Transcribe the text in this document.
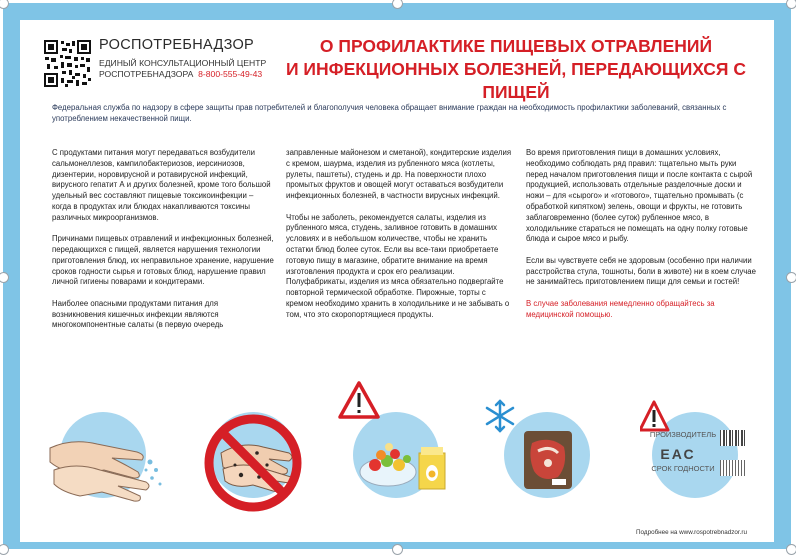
РОСПОТРЕБНАДЗОР
ЕДИНЫЙ КОНСУЛЬТАЦИОННЫЙ ЦЕНТР
РОСПОТРЕБНАДЗОРА 8-800-555-49-43
О ПРОФИЛАКТИКЕ ПИЩЕВЫХ ОТРАВЛЕНИЙ
И ИНФЕКЦИОННЫХ БОЛЕЗНЕЙ, ПЕРЕДАЮЩИХСЯ С ПИЩЕЙ
Федеральная служба по надзору в сфере защиты прав потребителей и благополучия человека обращает внимание граждан на необходимость профилактики заболеваний, связанных с употреблением некачественной пищи.

С продуктами питания могут передаваться возбудители сальмонеллезов, кампилобактериозов, иерсиниозов, дизентерии, норовирусной и ротавирусной инфекций, вирусного гепатит А и других болезней, кроме того большой удельный вес составляют пищевые токсикоинфекции – когда в продуктах или блюдах накапливаются токсины различных микроорганизмов.

Причинами пищевых отравлений и инфекционных болезней, передающихся с пищей, является нарушения технологии приготовления блюд, их неправильное хранение, нарушение сроков годности сырья и готовых блюд, нарушение правил личной гигиены поварами и кондитерами.

Наиболее опасными продуктами питания для возникновения кишечных инфекции являются многокомпонентные салаты (в первую очередь

заправленные майонезом и сметаной), кондитерские изделия с кремом, шаурма, изделия из рубленного мяса (котлеты, рулеты, паштеты), студень и др. На поверхности плохо промытых фруктов и овощей могут оставаться возбудители инфекционных болезней, в частности вирусных инфекций.

Чтобы не заболеть, рекомендуется салаты, изделия из рубленного мяса, студень, заливное готовить в домашних условиях и в небольшом количестве, чтобы не хранить остатки блюд более суток. Если вы все-таки приобретаете готовую пищу в магазине, обратите внимание на время изготовления продукта и срок его реализации. Полуфабрикаты, изделия из мяса обязательно подвергайте повторной термической обработке. Пирожные, торты с кремом необходимо хранить в холодильнике и не забывать о том, что это скоропортящиеся продукты.

Во время приготовления пищи в домашних условиях, необходимо соблюдать ряд правил: тщательно мыть руки перед началом приготовления пищи и после контакта с сырой продукцией, использовать отдельные разделочные доски и ножи – для «сырого» и «готового», тщательно промывать (с обработкой кипятком) зелень, овощи и фрукты, не готовить заблаговременно (более суток) рубленное мясо, в холодильнике стараться не помещать на одну полку готовые блюда и сырое мясо и рыбу.

Если вы чувствуете себя не здоровым (особенно при наличии расстройства стула, тошноты, боли в животе) ни в коем случае не занимайтесь приготовлением пищи для семьи и гостей!

В случае заболевания немедленно обращайтесь за медицинской помощью.

ПРОИЗВОДИТЕЛЬ
ЕАС
СРОК ГОДНОСТИ
Подробнее на www.rospotrebnadzor.ru
